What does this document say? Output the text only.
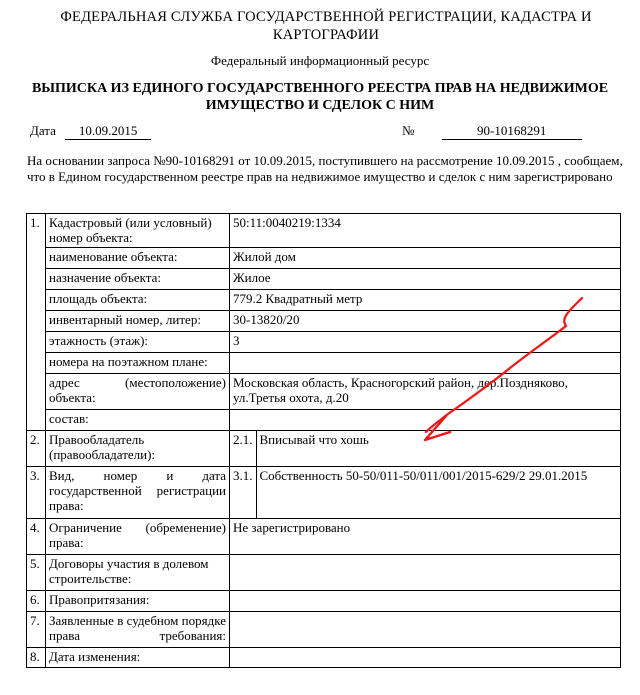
ФЕДЕРАЛЬНАЯ СЛУЖБА ГОСУДАРСТВЕННОЙ РЕГИСТРАЦИИ, КАДАСТРА И
КАРТОГРАФИИ
Федеральный информационный ресурс
ВЫПИСКА ИЗ ЕДИНОГО ГОСУДАРСТВЕННОГО РЕЕСТРА ПРАВ НА НЕДВИЖИМОЕ
ИМУЩЕСТВО И СДЕЛОК С НИМ
Дата 10.09.2015	№	90-10168291
На основании запроса №90-10168291 от 10.09.2015, поступившего на рассмотрение 10.09.2015 , сообщаем, что в Едином государственном реестре прав на недвижимое имущество и сделок с ним зарегистрировано
1.	Кадастровый (или условный) номер объекта:	50:11:0040219:1334	
	наименование объекта:	Жилой дом	
	назначение объекта:	Жилое	
	площадь объекта:	779.2 Квадратный метр	
	инвентарный номер, литер:	30-13820/20	
	этажность (этаж):	3	
	номера на поэтажном плане:		
	адрес (местоположение) объекта:	Московская область, Красногорский район, дер.Поздняково, ул.Третья охота, д.20	
	состав:		
2.	Правообладатель (правообладатели):	2.1.	Вписывай что хошь
3.	Вид, номер и дата государственной регистрации права:	3.1.	Собственность 50-50/011-50/011/001/2015-629/2 29.01.2015
4.	Ограничение (обременение) права:	Не зарегистрировано	
5.	Договоры участия в долевом строительстве:		
6.	Правопритязания:		
7.	Заявленные в судебном порядке права требования:		
8.	Дата изменения:		
